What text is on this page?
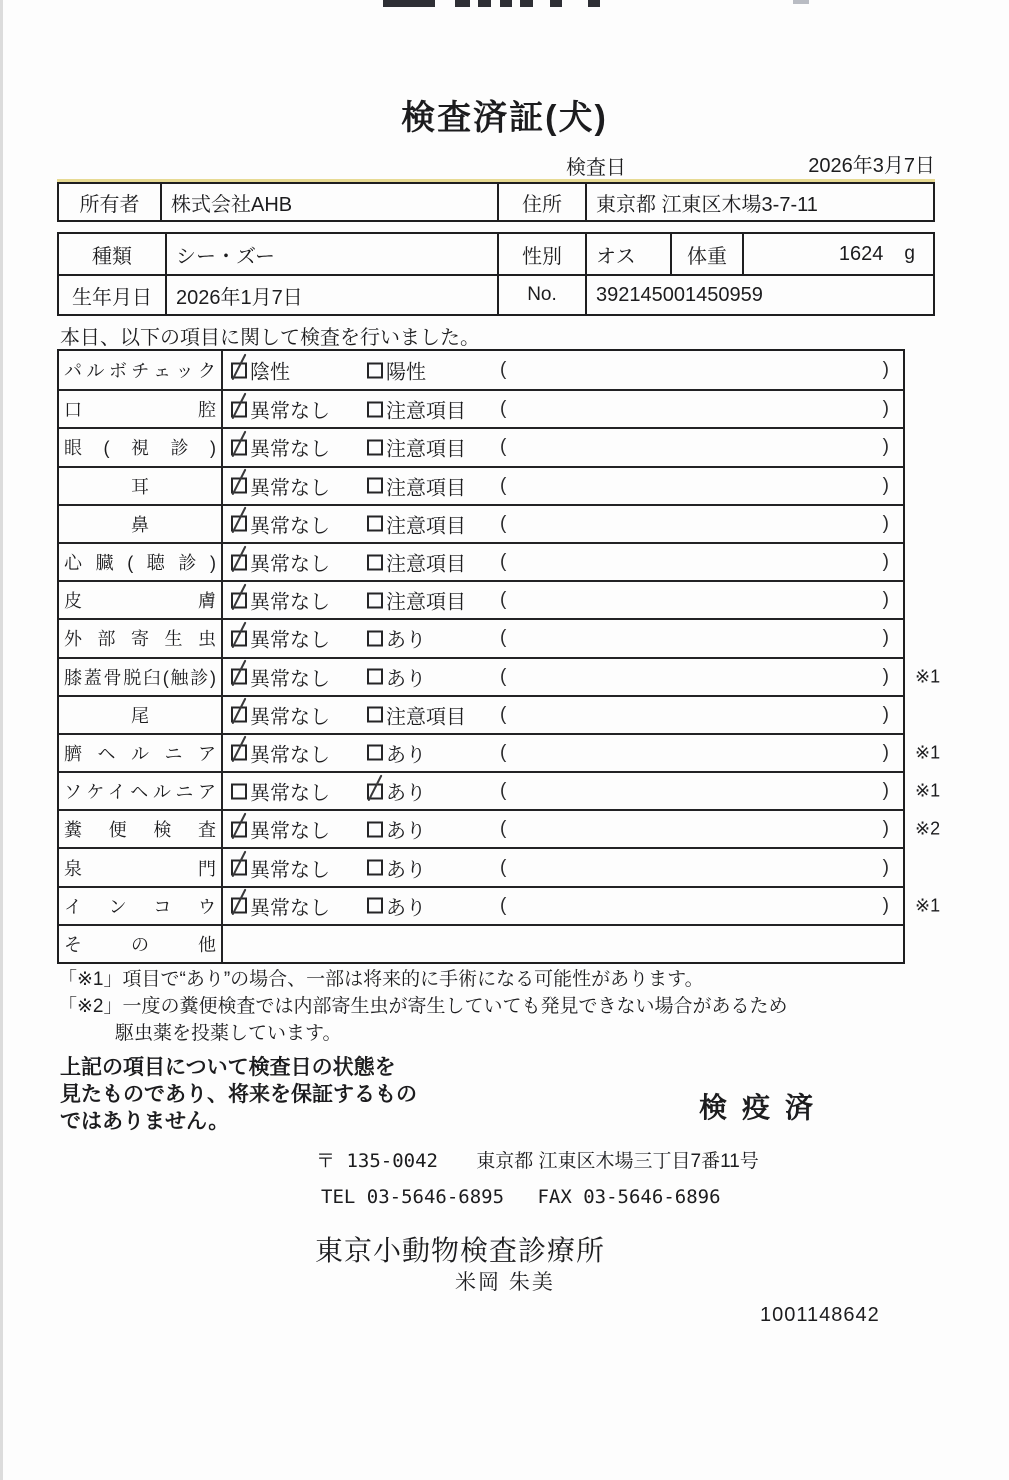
検査済証(犬)
検査日	2026年3月7日
所有者	株式会社AHB	住所	東京都 江東区木場3-7-11
種類	シー・ズー	性別	オス	体重	1624 g
生年月日	2026年1月7日	No.	392145001450959
本日、以下の項目に関して検査を行いました。
パルボチェック 陰性	陽性	(	)
口腔 異常なし	注意項目 (	)
眼(視診) 異常なし	注意項目 (	)
耳	異常なし	注意項目 (	)
鼻	異常なし	注意項目 (	)
心臓(聴診) 異常なし	注意項目 (	)
皮膚 異常なし	注意項目 (	)
外部寄生虫 異常なし	あり	(	)
膝蓋骨脱臼(触診) 異常なし	あり	(	) ※1
尾	異常なし	注意項目 (	)
臍ヘルニア 異常なし	あり	(	) ※1
ソケイヘルニア 異常なし	あり	(	) ※1
糞便検査 異常なし	あり	(	) ※2
泉門 異常なし	あり	(	)
インコウ 異常なし	あり	(	) ※1
その他
「※1」項目で“あり”の場合、一部は将来的に手術になる可能性があります。
「※2」一度の糞便検査では内部寄生虫が寄生していても発見できない場合があるため
駆虫薬を投薬しています。
上記の項目について検査日の状態を
見たものであり、将来を保証するもの
ではありません。	検疫済
〒 135-0042 東京都 江東区木場三丁目7番11号
TEL 03-5646-6895 FAX 03-5646-6896
東京小動物検査診療所
米岡 朱美
1001148642
